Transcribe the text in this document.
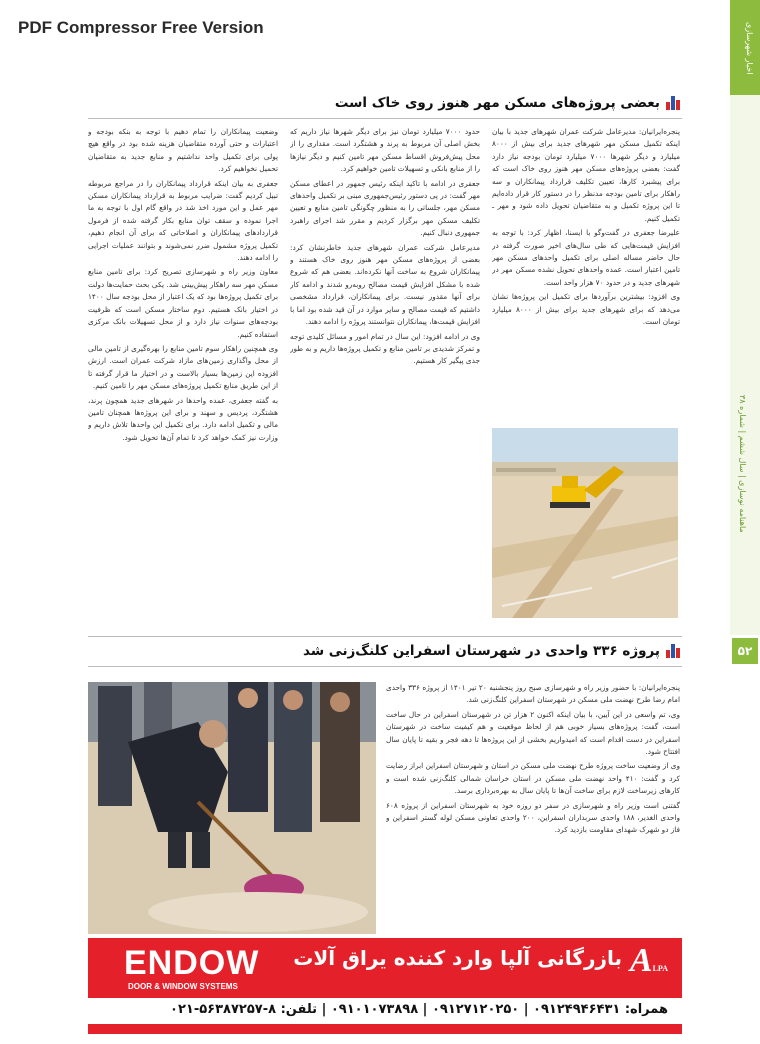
PDF Compressor Free Version	اخبار شهرسازی
ماهنامه نوسازی | سال ششم | شماره ۳۸
۵۲
بعضی پروژه‌های مسکن مهر هنوز روی خاک است

پنجره‌ایرانیان: مدیرعامل شرکت عمران شهرهای جدید با بیان اینکه تکمیل مسکن مهر شهرهای جدید برای بیش از ۸۰۰۰ میلیارد و دیگر شهرها ۷۰۰۰ میلیارد تومان بودجه نیاز دارد گفت: بعضی پروژه‌های مسکن مهر هنوز روی خاک است که برای پیشبرد کارها، تعیین تکلیف قرارداد پیمانکاران و سه راهکار برای تامین بودجه مدنظر را در دستور کار قرار داده‌ایم تا این پروژه تکمیل و به متقاضیان تحویل داده شود و مهر ـ تکمیل کنیم.

علیرضا جعفری در گفت‌وگو با ایسنا، اظهار کرد: با توجه به افزایش قیمت‌هایی که طی سال‌های اخیر صورت گرفته در حال حاضر مساله اصلی برای تکمیل واحدهای مسکن مهر تامین اعتبار است. عمده واحدهای تحویل نشده مسکن مهر در شهرهای جدید و در حدود ۷۰ هزار واحد است.

وی افزود: بیشترین برآوردها برای تکمیل این پروژه‌ها نشان می‌دهد که برای شهرهای جدید برای بیش از ۸۰۰۰ میلیارد تومان است.

حدود ۷۰۰۰ میلیارد تومان نیز برای دیگر شهرها نیاز داریم که بخش اصلی آن مربوط به پرند و هشتگرد است. مقداری را از محل پیش‌فروش اقساط مسکن مهر تامین کنیم و دیگر نیازها را از منابع بانکی و تسهیلات تامین خواهیم کرد.

جعفری در ادامه با تاکید اینکه رئیس جمهور در اعطای مسکن مهر گفت: در پی دستور رئیس‌جمهوری مبنی بر تکمیل واحدهای مسکن مهر، جلساتی را به منظور چگونگی تامین منابع و تعیین تکلیف مسکن مهر برگزار کردیم و مقرر شد اجرای راهبرد جمهوری دنبال کنیم.

مدیرعامل شرکت عمران شهرهای جدید خاطرنشان کرد: بعضی از پروژه‌های مسکن مهر هنوز روی خاک هستند و پیمانکاران شروع به ساخت آنها نکرده‌اند. بعضی هم که شروع شده با مشکل افزایش قیمت مصالح روبه‌رو شدند و ادامه کار برای آنها مقدور نیست. برای پیمانکاران، قرارداد مشخصی داشتیم که قیمت مصالح و سایر موارد در آن قید شده بود اما با افزایش قیمت‌ها، پیمانکاران نتوانستند پروژه را ادامه دهند.

وی در ادامه افزود: این سال در تمام امور و مسائل کلیدی توجه و تمرکز شدیدی بر تامین منابع و تکمیل پروژه‌ها داریم و به طور جدی پیگیر کار هستیم.

وضعیت پیمانکاران را تمام دهیم با توجه به بنکه بودجه و اعتبارات و حتی آورده متقاضیان هزینه شده بود در واقع هیچ پولی برای تکمیل واحد نداشتیم و منابع جدید به متقاضیان تحمیل نخواهیم کرد.

جعفری به بیان اینکه قرارداد پیمانکاران را در مراجع مربوطه تبیل کردیم گفت: ضرایب مربوط به قرارداد پیمانکاران مسکن مهر عمل و این مورد اخذ شد در واقع گام اول با توجه به ما اجرا نموده و سقف توان منابع بکار گرفته شده از فرمول قراردادهای پیمانکاران و اصلاحاتی که برای آن انجام دهیم، تکمیل پروژه مشمول ضرر نمی‌شوند و بتوانند عملیات اجرایی را ادامه دهند.

معاون وزیر راه و شهرسازی تصریح کرد: برای تامین منابع مسکن مهر سه راهکار پیش‌بینی شد. یکی بحث حمایت‌ها دولت برای تکمیل پروژه‌ها بود که یک اعتبار از محل بودجه سال ۱۴۰۰ در اختیار بانک هستیم. دوم ساختار مسکن است که ظرفیت بودجه‌های سنوات نیاز دارد و از محل تسهیلات بانک مرکزی استفاده کنیم.

وی همچنین راهکار سوم تامین منابع را بهره‌گیری از تامین مالی از محل واگذاری زمین‌های مازاد شرکت عمران است. ارزش افزوده این زمین‌ها بسیار بالاست و در اختیار ما قرار گرفته تا از این طریق منابع تکمیل پروژه‌های مسکن مهر را تامین کنیم.

به گفته جعفری، عمده واحدها در شهرهای جدید همچون پرند، هشتگرد، پردیس و سهند و برای این پروژه‌ها همچنان تامین مالی و تکمیل ادامه دارد. برای تکمیل این واحدها تلاش داریم و وزارت نیز کمک خواهد کرد تا تمام آن‌ها تحویل شود.

پروژه ۳۳۶ واحدی در شهرستان اسفراین کلنگ‌زنی شد

پنجره‌ایرانیان: با حضور وزیر راه و شهرسازی صبح روز پنجشنبه ۲۰ تیر ۱۴۰۱ از پروژه ۳۳۶ واحدی امام رضا طرح نهضت ملی مسکن در شهرستان اسفراین کلنگ‌زنی شد.

وی، تم واسعی در این آیین، با بیان اینکه اکنون ۲ هزار تن در شهرستان اسفراین در حال ساخت است، گفت: پروژه‌های بسیار خوبی هم از لحاظ موقعیت و هم کیفیت ساخت در شهرستان اسفراین در دست اقدام است که امیدواریم بخشی از این پروژه‌ها تا دهه فجر و بقیه تا پایان سال افتتاح شود.

وی از وضعیت ساخت پروژه طرح نهضت ملی مسکن در استان و شهرستان اسفراین ابراز رضایت کرد و گفت: ۴۱۰ واحد نهضت ملی مسکن در استان خراسان شمالی کلنگ‌زنی شده است و کارهای زیرساخت لازم برای ساخت آن‌ها تا پایان سال به بهره‌برداری برسد.

گفتنی است وزیر راه و شهرسازی در سفر دو روزه خود به شهرستان اسفراین از پروژه ۶۰۸ واحدی الغدیر، ۱۸۸ واحدی سربداران اسفراین، ۲۰۰ واحدی تعاونی مسکن لوله گستر اسفراین و فاز دو شهرک شهدای مقاومت بازدید کرد.

ENDOW
DOOR & WINDOW SYSTEMS
بازرگانی آلپا وارد کننده یراق آلات ALPA
همراه: ۰۹۱۲۴۹۴۶۴۳۱ | ۰۹۱۲۷۱۲۰۲۵۰ | ۰۹۱۰۱۰۷۳۸۹۸ | تلفن: ۸-۵۶۳۸۷۲۵۷-۰۲۱
